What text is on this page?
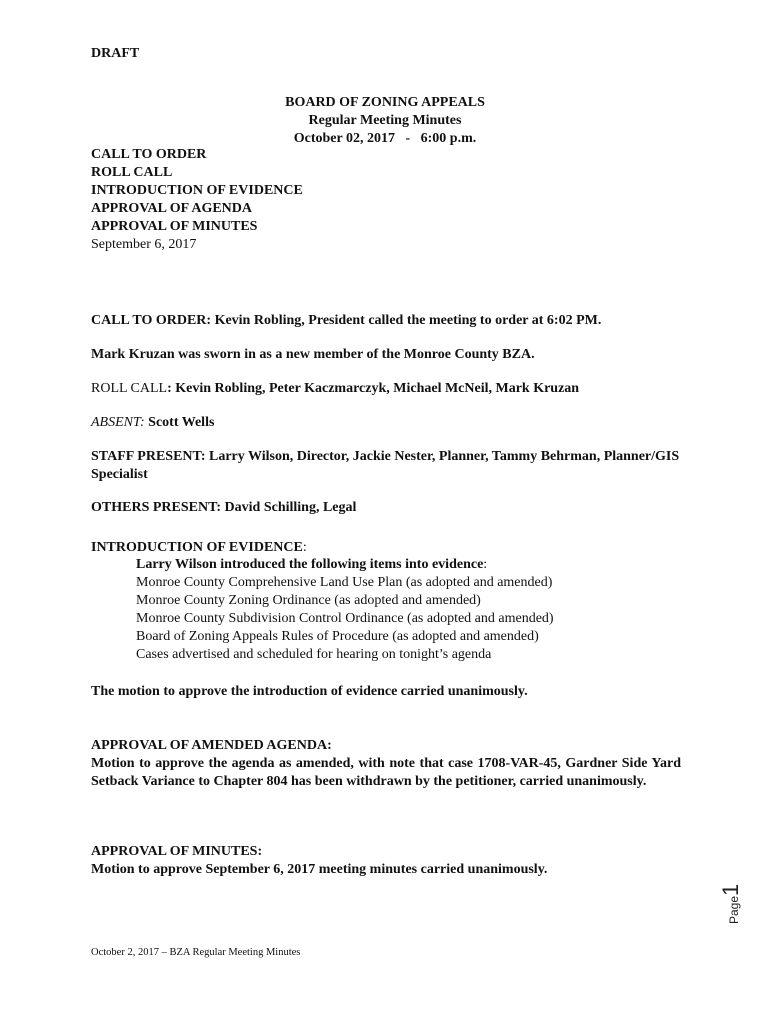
DRAFT
BOARD OF ZONING APPEALS
Regular Meeting Minutes
October 02, 2017   -   6:00 p.m.
CALL TO ORDER
ROLL CALL
INTRODUCTION OF EVIDENCE
APPROVAL OF AGENDA
APPROVAL OF MINUTES
September 6, 2017
CALL TO ORDER: Kevin Robling, President called the meeting to order at 6:02 PM.
Mark Kruzan was sworn in as a new member of the Monroe County BZA.
ROLL CALL: Kevin Robling, Peter Kaczmarczyk, Michael McNeil, Mark Kruzan
ABSENT: Scott Wells
STAFF PRESENT: Larry Wilson, Director, Jackie Nester, Planner, Tammy Behrman, Planner/GIS Specialist
OTHERS PRESENT: David Schilling, Legal
INTRODUCTION OF EVIDENCE:
Larry Wilson introduced the following items into evidence:
Monroe County Comprehensive Land Use Plan (as adopted and amended)
Monroe County Zoning Ordinance (as adopted and amended)
Monroe County Subdivision Control Ordinance (as adopted and amended)
Board of Zoning Appeals Rules of Procedure (as adopted and amended)
Cases advertised and scheduled for hearing on tonight’s agenda
The motion to approve the introduction of evidence carried unanimously.
APPROVAL OF AMENDED AGENDA:
Motion to approve the agenda as amended, with note that case 1708-VAR-45, Gardner Side Yard Setback Variance to Chapter 804 has been withdrawn by the petitioner, carried unanimously.
APPROVAL OF MINUTES:
Motion to approve September 6, 2017 meeting minutes carried unanimously.
Page1
October 2, 2017 – BZA Regular Meeting Minutes
